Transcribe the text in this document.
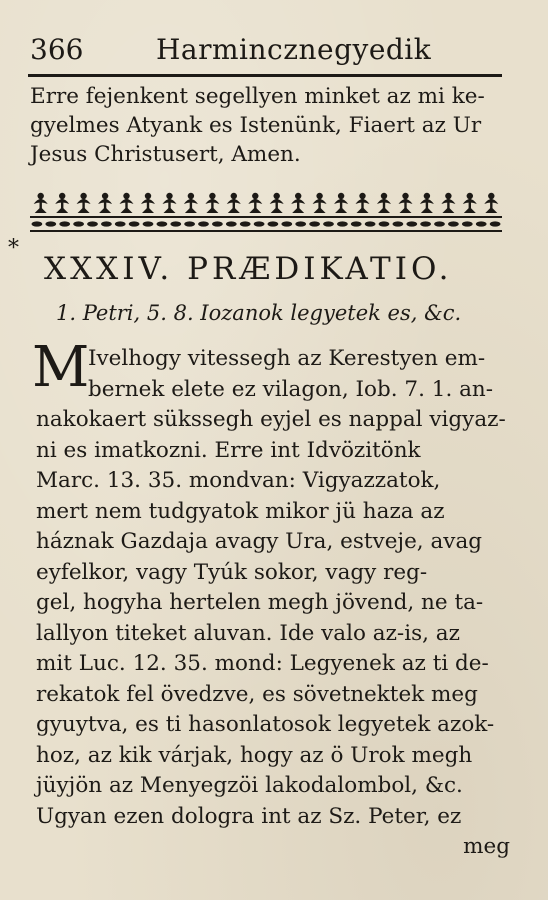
366	Harmincznegyedik
Erre fejenkent segellyen minket az mi ke-
gyelmes Atyank es Istenünk, Fiaert az Ur
Jesus Christusert, Amen.
*
XXXIV. PRÆDIKATIO.
1. Petri, 5. 8. Iozanok legyetek es, &c.
M
Ivelhogy vitessegh az Kerestyen em-
bernek elete ez vilagon, Iob. 7. 1. an-
nakokaert sükssegh eyjel es nappal vigyaz-
ni es imatkozni. Erre int Idvözitönk
Marc. 13. 35. mondvan: Vigyazzatok,
mert nem tudgyatok mikor jü haza az
háznak Gazdaja avagy Ura, estveje, avag
eyfelkor, vagy Tyúk sokor, vagy reg-
gel, hogyha hertelen megh jövend, ne ta-
lallyon titeket aluvan. Ide valo az-is, az
mit Luc. 12. 35. mond: Legyenek az ti de-
rekatok fel övedzve, es sövetnektek meg
gyuytva, es ti hasonlatosok legyetek azok-
hoz, az kik várjak, hogy az ö Urok megh
jüyjön az Menyegzöi lakodalombol, &c.
Ugyan ezen dologra int az Sz. Peter, ez
meg
